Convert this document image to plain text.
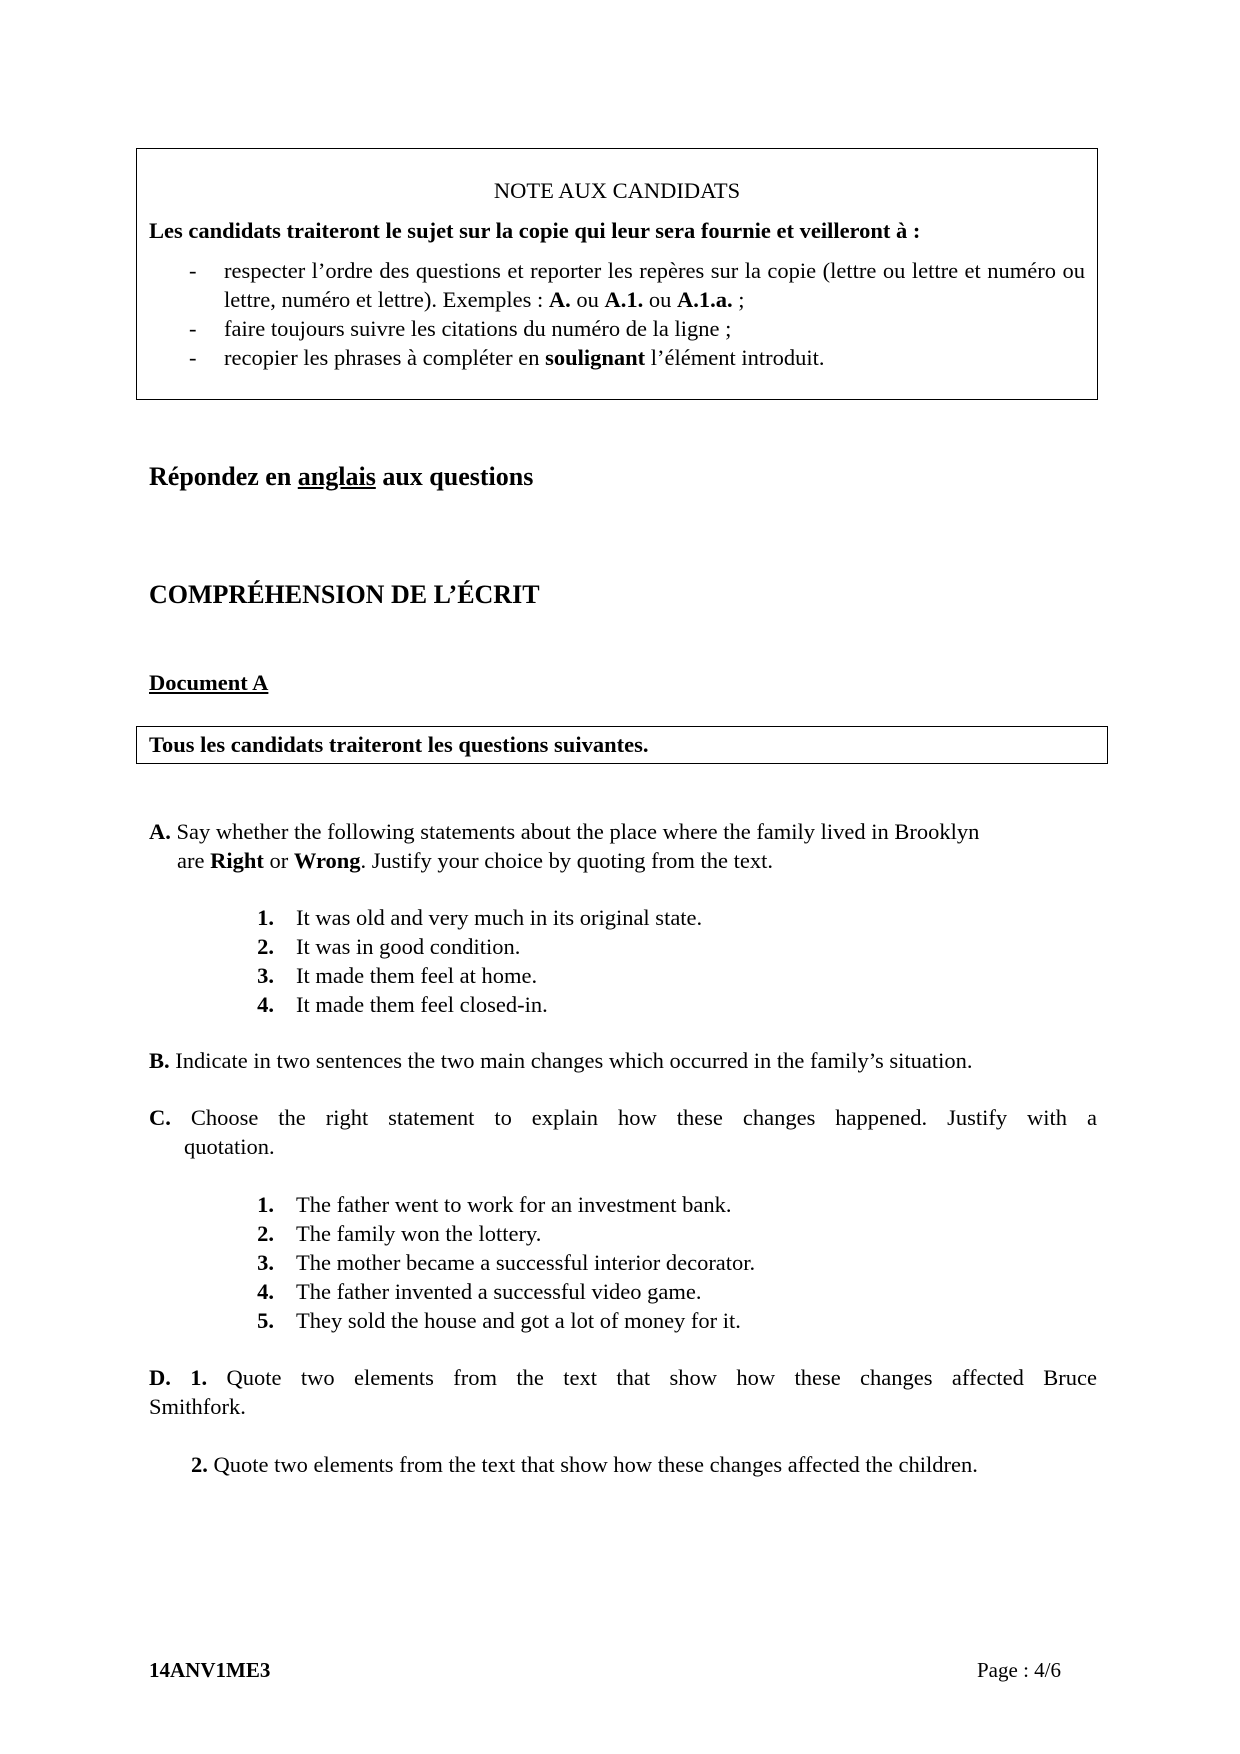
NOTE AUX CANDIDATS
Les candidats traiteront le sujet sur la copie qui leur sera fournie et veilleront à :
- respecter l’ordre des questions et reporter les repères sur la copie (lettre ou lettre et numéro ou lettre, numéro et lettre). Exemples : A. ou A.1. ou A.1.a. ;
- faire toujours suivre les citations du numéro de la ligne ;
- recopier les phrases à compléter en soulignant l’élément introduit.
Répondez en anglais aux questions
COMPRÉHENSION DE L’ÉCRIT
Document A
Tous les candidats traiteront les questions suivantes.
A. Say whether the following statements about the place where the family lived in Brooklyn
are Right or Wrong. Justify your choice by quoting from the text.
1. It was old and very much in its original state.
2. It was in good condition.
3. It made them feel at home.
4. It made them feel closed-in.
B. Indicate in two sentences the two main changes which occurred in the family’s situation.
C. Choose the right statement to explain how these changes happened. Justify with a
quotation.
1. The father went to work for an investment bank.
2. The family won the lottery.
3. The mother became a successful interior decorator.
4. The father invented a successful video game.
5. They sold the house and got a lot of money for it.
D. 1. Quote two elements from the text that show how these changes affected Bruce
Smithfork.
2. Quote two elements from the text that show how these changes affected the children.
14ANV1ME3	Page : 4/6
